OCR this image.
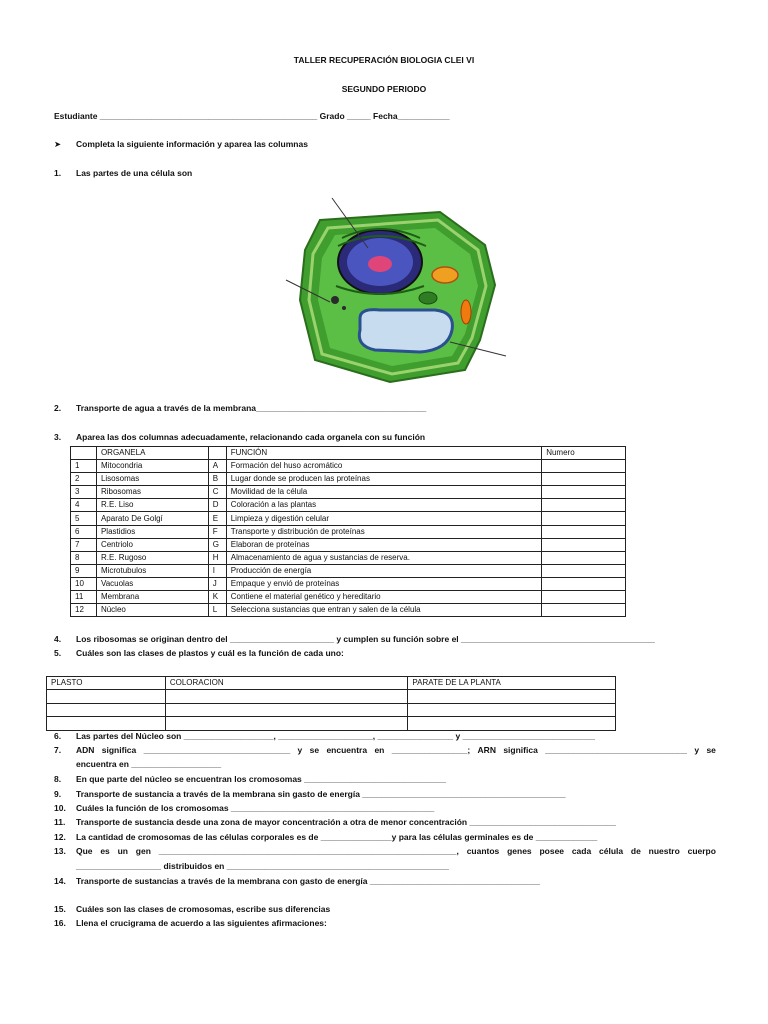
TALLER RECUPERACIÓN BIOLOGIA CLEI VI
SEGUNDO PERIODO
Estudiante ______________________________________________ Grado _____ Fecha___________
➤ Completa la siguiente información y aparea las columnas
1. Las partes de una célula son
2. Transporte de agua a través de la membrana____________________________________
3. Aparea las dos columnas adecuadamente, relacionando cada organela con su función
	ORGANELA		FUNCIÓN	Numero
1	Mitocondria	A	Formación del huso acromático	
2	Lisosomas	B	Lugar donde se producen las proteínas	
3	Ribosomas	C	Movilidad de la célula	
4	R.E. Liso	D	Coloración a las plantas	
5	Aparato De Golgí	E	Limpieza y digestión celular	
6	Plastidios	F	Transporte y distribución de proteínas	
7	Centriolo	G	Elaboran de proteínas	
8	R.E. Rugoso	H	Almacenamiento de agua y sustancias de reserva.	
9	Microtubulos	I	Producción de energía	
10	Vacuolas	J	Empaque y envió de proteínas	
11	Membrana	K	Contiene el material genético y hereditario	
12	Núcleo	L	Selecciona sustancias que entran y salen de la célula	
4. Los ribosomas se originan dentro del ______________________ y cumplen su función sobre el _________________________________________
5. Cuáles son las clases de plastos y cuál es la función de cada uno:
PLASTO	COLORACION	PARATE DE LA PLANTA

6. Las partes del Núcleo son ___________________, ____________________, ________________ y ____________________________
7. ADN significa _______________________________ y se encuentra en ________________; ARN significa ______________________________ y se
encuentra en ___________________
8. En que parte del núcleo se encuentran los cromosomas ______________________________
9. Transporte de sustancia a través de la membrana sin gasto de energía ___________________________________________
10. Cuáles la función de los cromosomas ___________________________________________
11. Transporte de sustancia desde una zona de mayor concentración a otra de menor concentración _______________________________
12. La cantidad de cromosomas de las células corporales es de _______________y para las células germinales es de _____________
13. Que es un gen _______________________________________________________________, cuantos genes posee cada célula de nuestro cuerpo
__________________ distribuidos en _______________________________________________
14. Transporte de sustancias a través de la membrana con gasto de energía ____________________________________
15. Cuáles son las clases de cromosomas, escribe sus diferencias
16. Llena el crucigrama de acuerdo a las siguientes afirmaciones:
